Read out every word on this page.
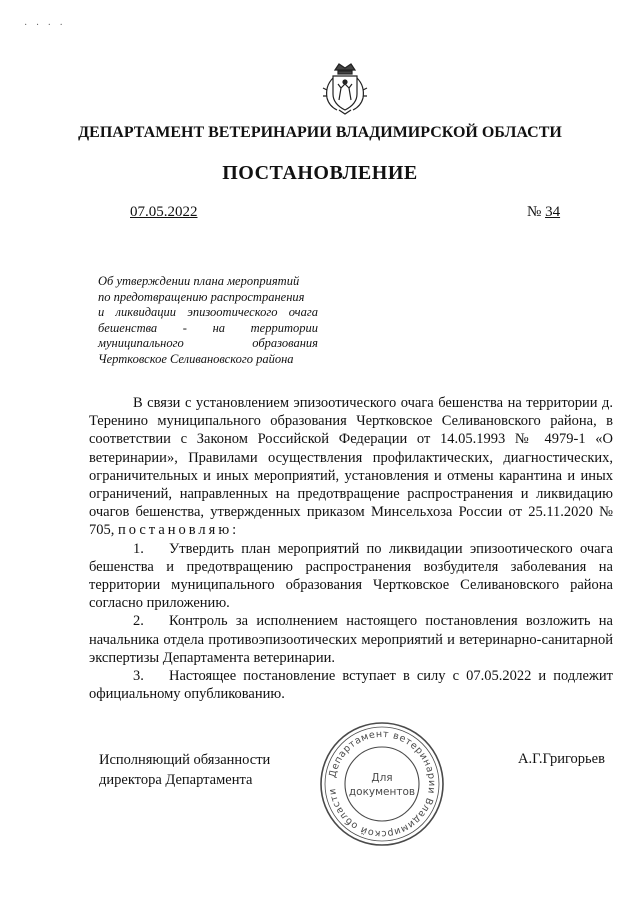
· · · ·
ДЕПАРТАМЕНТ ВЕТЕРИНАРИИ ВЛАДИМИРСКОЙ ОБЛАСТИ
ПОСТАНОВЛЕНИЕ
07.05.2022	№ 34
Об утверждении плана мероприятий
по предотвращению распространения
и ликвидации эпизоотического очага
бешенства - на территории
муниципального образования
Чертковское Селивановского района

В связи с установлением эпизоотического очага бешенства на территории д. Теренино муниципального образования Чертковское Селивановского района, в соответствии с Законом Российской Федерации от 14.05.1993 № 4979-1 «О ветеринарии», Правилами осуществления профилактических, диагностических, ограничительных и иных мероприятий, установления и отмены карантина и иных ограничений, направленных на предотвращение распространения и ликвидацию очагов бешенства, утвержденных приказом Минсельхоза России от 25.11.2020 № 705, постановляю:

1. Утвердить план мероприятий по ликвидации эпизоотического очага бешенства и предотвращению распространения возбудителя заболевания на территории муниципального образования Чертковское Селивановского района согласно приложению.

2. Контроль за исполнением настоящего постановления возложить на начальника отдела противоэпизоотических мероприятий и ветеринарно-санитарной экспертизы Департамента ветеринарии.

3. Настоящее постановление вступает в силу с 07.05.2022 и подлежит официальному опубликованию.

Исполняющий обязанности
директора Департамента	Департамент ветеринарии Владимирской области
Для
документов
А.Г.Григорьев
